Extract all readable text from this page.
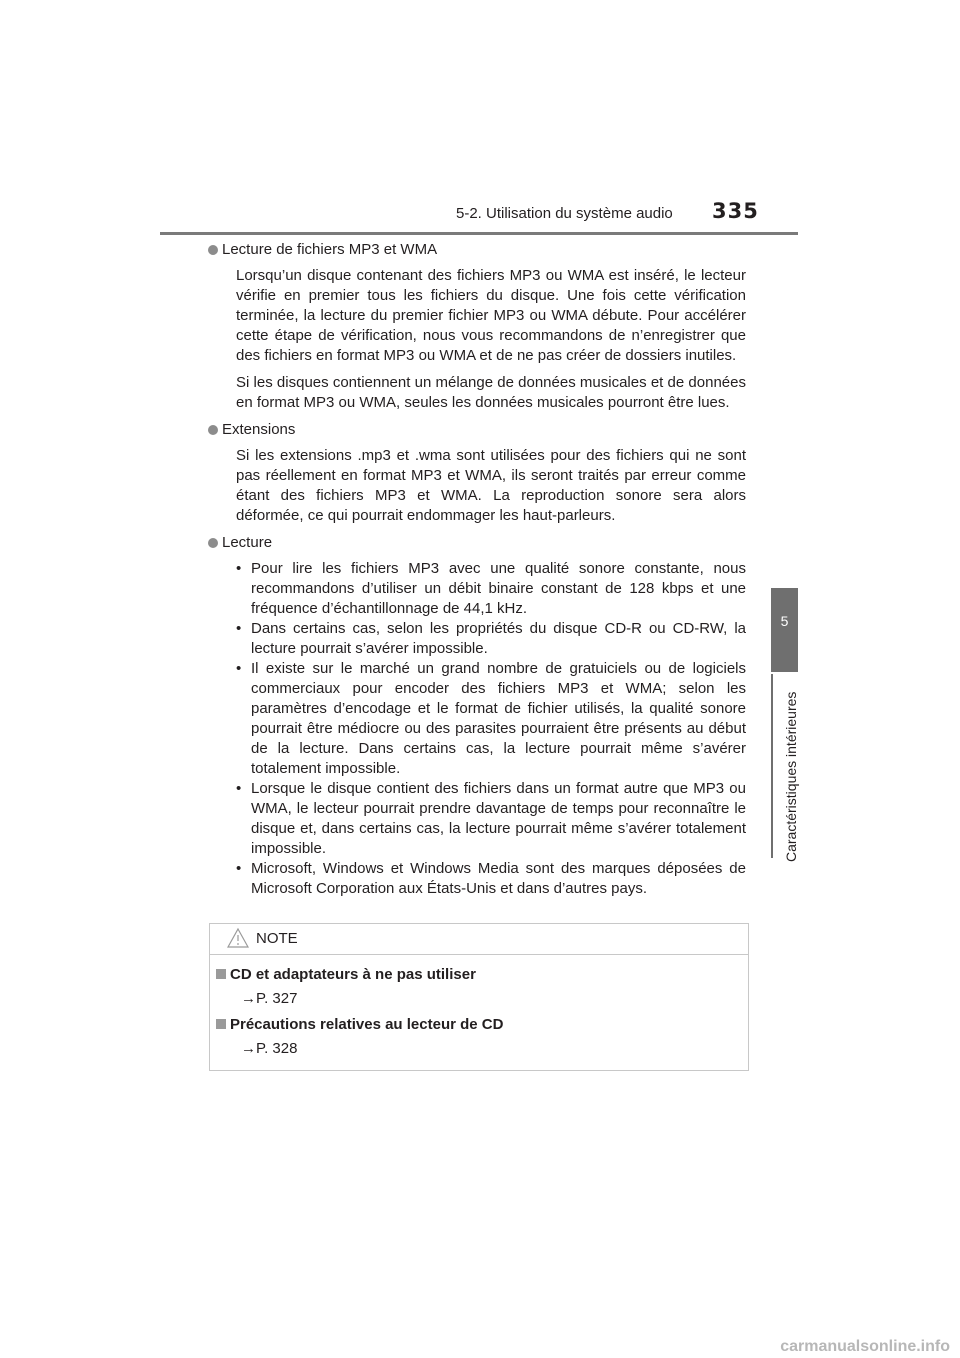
5-2. Utilisation du système audio 335
5
Caractéristiques intérieures
Lecture de fichiers MP3 et WMA

Lorsqu’un disque contenant des fichiers MP3 ou WMA est inséré, le lecteur vérifie en premier tous les fichiers du disque. Une fois cette vérification terminée, la lecture du premier fichier MP3 ou WMA débute. Pour accélérer cette étape de vérification, nous vous recommandons de n’enregistrer que des fichiers en format MP3 ou WMA et de ne pas créer de dossiers inutiles.

Si les disques contiennent un mélange de données musicales et de données en format MP3 ou WMA, seules les données musicales pourront être lues.

Extensions

Si les extensions .mp3 et .wma sont utilisées pour des fichiers qui ne sont pas réellement en format MP3 et WMA, ils seront traités par erreur comme étant des fichiers MP3 et WMA. La reproduction sonore sera alors déformée, ce qui pourrait endommager les haut-parleurs.

Lecture
• Pour lire les fichiers MP3 avec une qualité sonore constante, nous recommandons d’utiliser un débit binaire constant de 128 kbps et une fréquence d’échantillonnage de 44,1 kHz.
• Dans certains cas, selon les propriétés du disque CD-R ou CD-RW, la lecture pourrait s’avérer impossible.
• Il existe sur le marché un grand nombre de gratuiciels ou de logiciels commerciaux pour encoder des fichiers MP3 et WMA; selon les paramètres d’encodage et le format de fichier utilisés, la qualité sonore pourrait être médiocre ou des parasites pourraient être présents au début de la lecture. Dans certains cas, la lecture pourrait même s’avérer totalement impossible.
• Lorsque le disque contient des fichiers dans un format autre que MP3 ou WMA, le lecteur pourrait prendre davantage de temps pour reconnaître le disque et, dans certains cas, la lecture pourrait même s’avérer totalement impossible.
• Microsoft, Windows et Windows Media sont des marques déposées de Microsoft Corporation aux États-Unis et dans d’autres pays.
NOTE
CD et adaptateurs à ne pas utiliser
→P. 327
Précautions relatives au lecteur de CD
→P. 328
carmanualsonline.info
